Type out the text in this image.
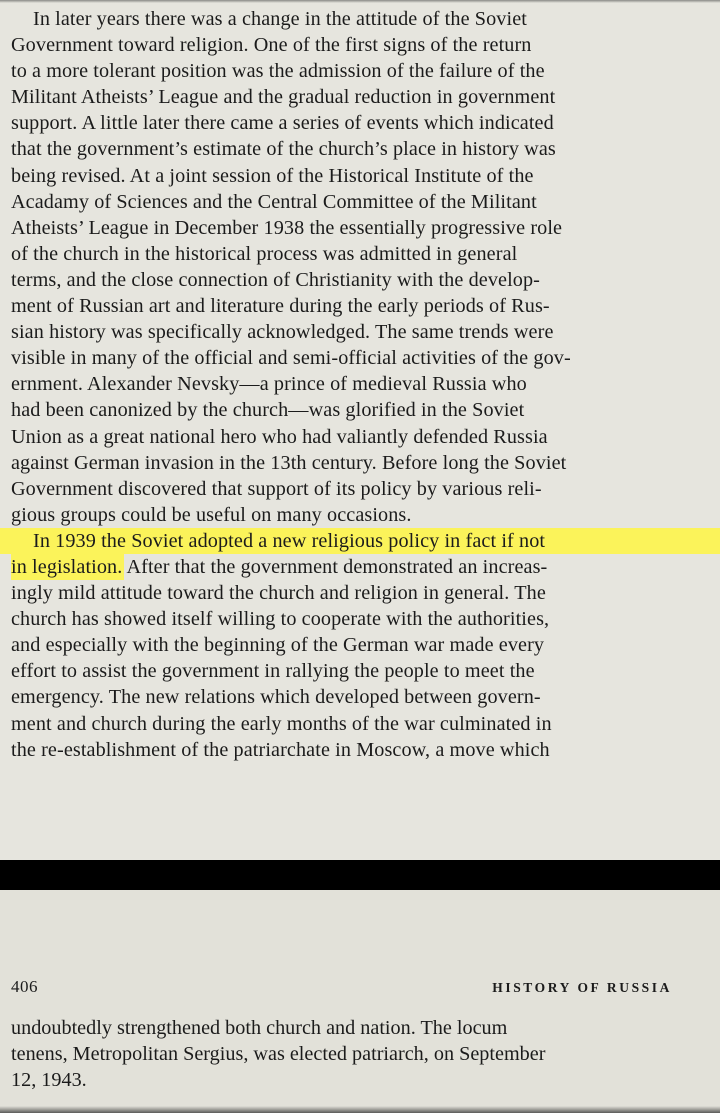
In later years there was a change in the attitude of the Soviet
Government toward religion. One of the first signs of the return
to a more tolerant position was the admission of the failure of the
Militant Atheists’ League and the gradual reduction in government
support. A little later there came a series of events which indicated
that the government’s estimate of the church’s place in history was
being revised. At a joint session of the Historical Institute of the
Acadamy of Sciences and the Central Committee of the Militant
Atheists’ League in December 1938 the essentially progressive role
of the church in the historical process was admitted in general
terms, and the close connection of Christianity with the develop-
ment of Russian art and literature during the early periods of Rus-
sian history was specifically acknowledged. The same trends were
visible in many of the official and semi-official activities of the gov-
ernment. Alexander Nevsky—a prince of medieval Russia who
had been canonized by the church—was glorified in the Soviet
Union as a great national hero who had valiantly defended Russia
against German invasion in the 13th century. Before long the Soviet
Government discovered that support of its policy by various reli-
gious groups could be useful on many occasions.
In 1939 the Soviet adopted a new religious policy in fact if not
in legislation. After that the government demonstrated an increas-
ingly mild attitude toward the church and religion in general. The
church has showed itself willing to cooperate with the authorities,
and especially with the beginning of the German war made every
effort to assist the government in rallying the people to meet the
emergency. The new relations which developed between govern-
ment and church during the early months of the war culminated in
the re-establishment of the patriarchate in Moscow, a move which
406	HISTORY OF RUSSIA
undoubtedly strengthened both church and nation. The locum
tenens, Metropolitan Sergius, was elected patriarch, on September
12, 1943.
